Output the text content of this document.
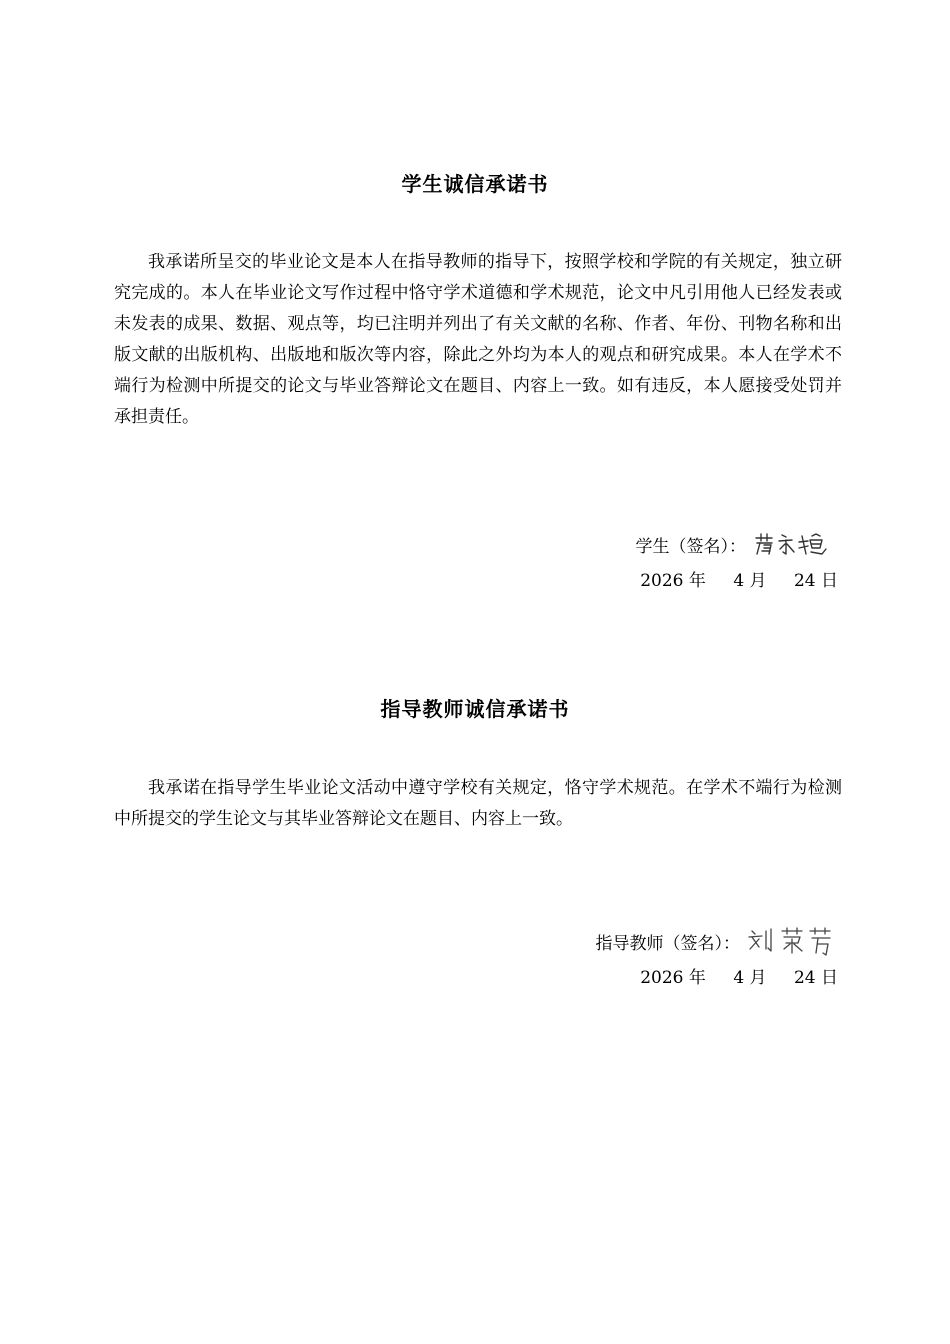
学生诚信承诺书
我承诺所呈交的毕业论文是本人在指导教师的指导下，按照学校和学院的有关规定，独立研究完成的。本人在毕业论文写作过程中恪守学术道德和学术规范，论文中凡引用他人已经发表或未发表的成果、数据、观点等，均已注明并列出了有关文献的名称、作者、年份、刊物名称和出版文献的出版机构、出版地和版次等内容，除此之外均为本人的观点和研究成果。本人在学术不端行为检测中所提交的论文与毕业答辩论文在题目、内容上一致。如有违反，本人愿接受处罚并承担责任。
学生（签名）：
2026 年 4 月 24 日
指导教师诚信承诺书
我承诺在指导学生毕业论文活动中遵守学校有关规定，恪守学术规范。在学术不端行为检测中所提交的学生论文与其毕业答辩论文在题目、内容上一致。
指导教师（签名）：
2026 年 4 月 24 日
